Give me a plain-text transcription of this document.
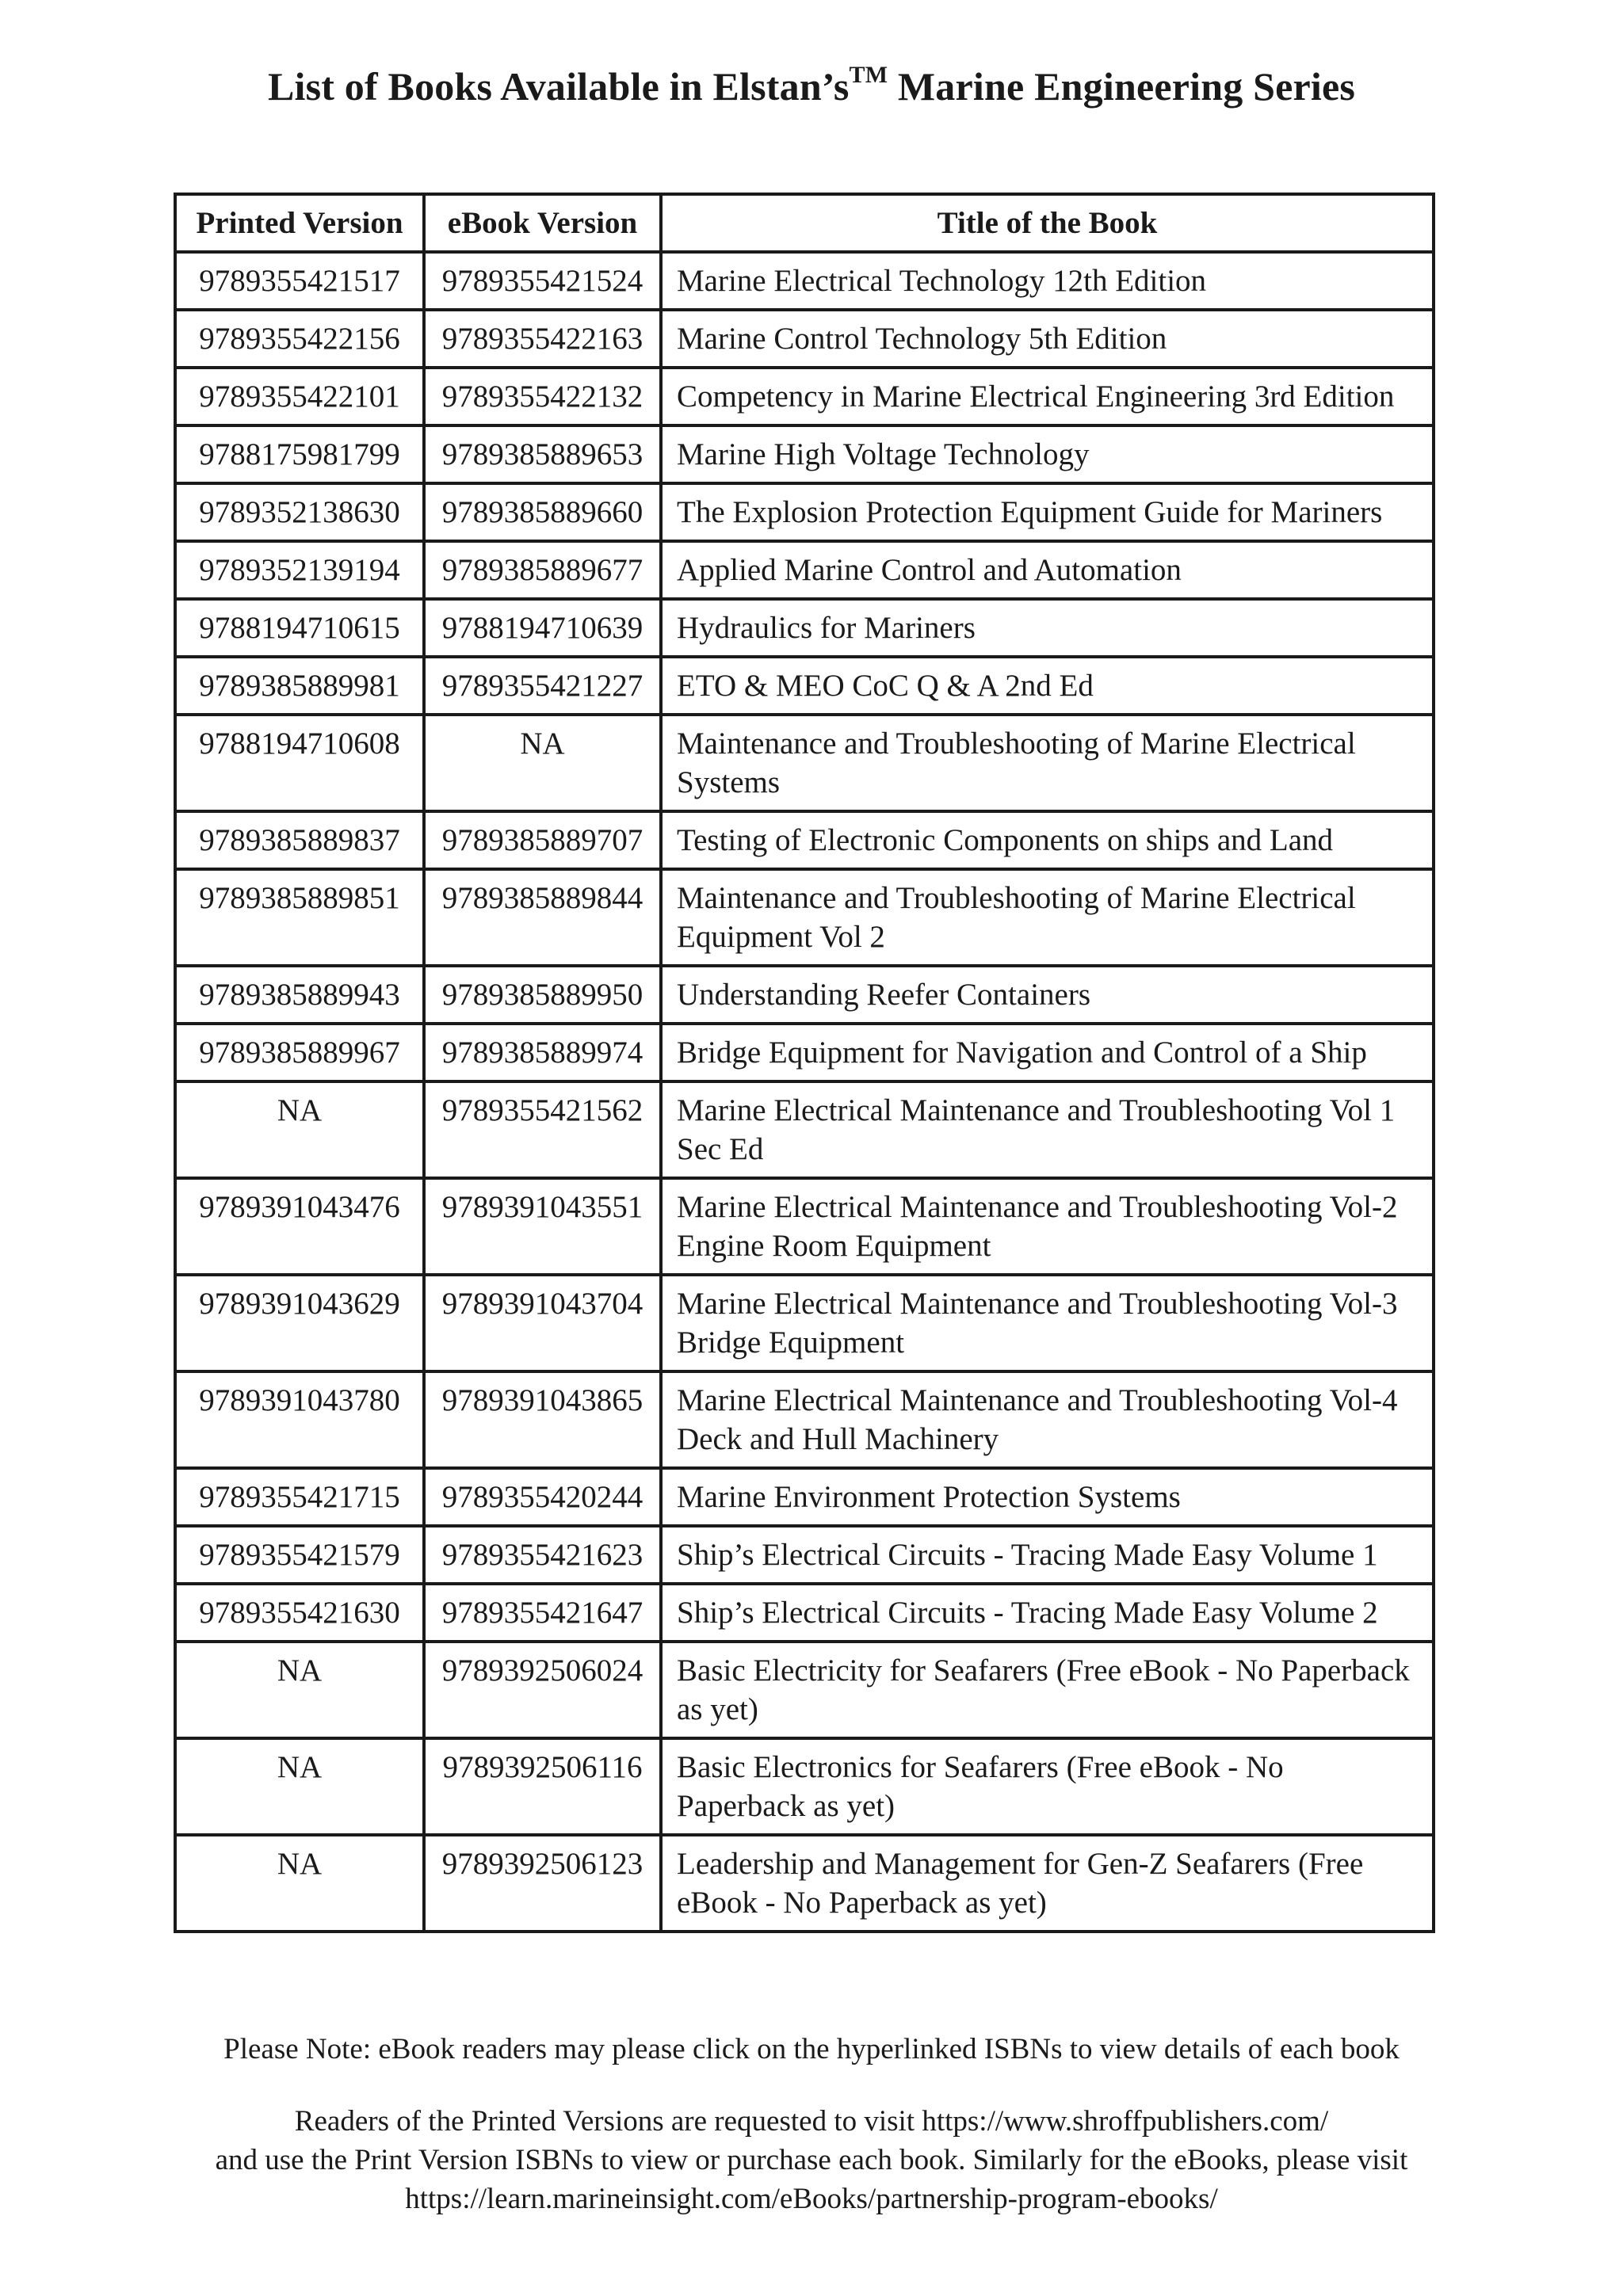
List of Books Available in Elstan’s™ Marine Engineering Series
Printed Version	eBook Version	Title of the Book
9789355421517	9789355421524	Marine Electrical Technology 12th Edition
9789355422156	9789355422163	Marine Control Technology 5th Edition
9789355422101	9789355422132	Competency in Marine Electrical Engineering 3rd Edition
9788175981799	9789385889653	Marine High Voltage Technology
9789352138630	9789385889660	The Explosion Protection Equipment Guide for Mariners
9789352139194	9789385889677	Applied Marine Control and Automation
9788194710615	9788194710639	Hydraulics for Mariners
9789385889981	9789355421227	ETO & MEO CoC Q & A 2nd Ed
9788194710608	NA	Maintenance and Troubleshooting of Marine Electrical Systems
9789385889837	9789385889707	Testing of Electronic Components on ships and Land
9789385889851	9789385889844	Maintenance and Troubleshooting of Marine Electrical Equipment Vol 2
9789385889943	9789385889950	Understanding Reefer Containers
9789385889967	9789385889974	Bridge Equipment for Navigation and Control of a Ship
NA	9789355421562	Marine Electrical Maintenance and Troubleshooting Vol 1 Sec Ed
9789391043476	9789391043551	Marine Electrical Maintenance and Troubleshooting Vol-2 Engine Room Equipment
9789391043629	9789391043704	Marine Electrical Maintenance and Troubleshooting Vol-3 Bridge Equipment
9789391043780	9789391043865	Marine Electrical Maintenance and Troubleshooting Vol-4 Deck and Hull Machinery
9789355421715	9789355420244	Marine Environment Protection Systems
9789355421579	9789355421623	Ship’s Electrical Circuits - Tracing Made Easy Volume 1
9789355421630	9789355421647	Ship’s Electrical Circuits - Tracing Made Easy Volume 2
NA	9789392506024	Basic Electricity for Seafarers (Free eBook - No Paperback as yet)
NA	9789392506116	Basic Electronics for Seafarers (Free eBook - No Paperback as yet)
NA	9789392506123	Leadership and Management for Gen-Z Seafarers (Free eBook - No Paperback as yet)

Please Note: eBook readers may please click on the hyperlinked ISBNs to view details of each book

Readers of the Printed Versions are requested to visit https://www.shroffpublishers.com/
and use the Print Version ISBNs to view or purchase each book. Similarly for the eBooks, please visit
https://learn.marineinsight.com/eBooks/partnership-program-ebooks/
